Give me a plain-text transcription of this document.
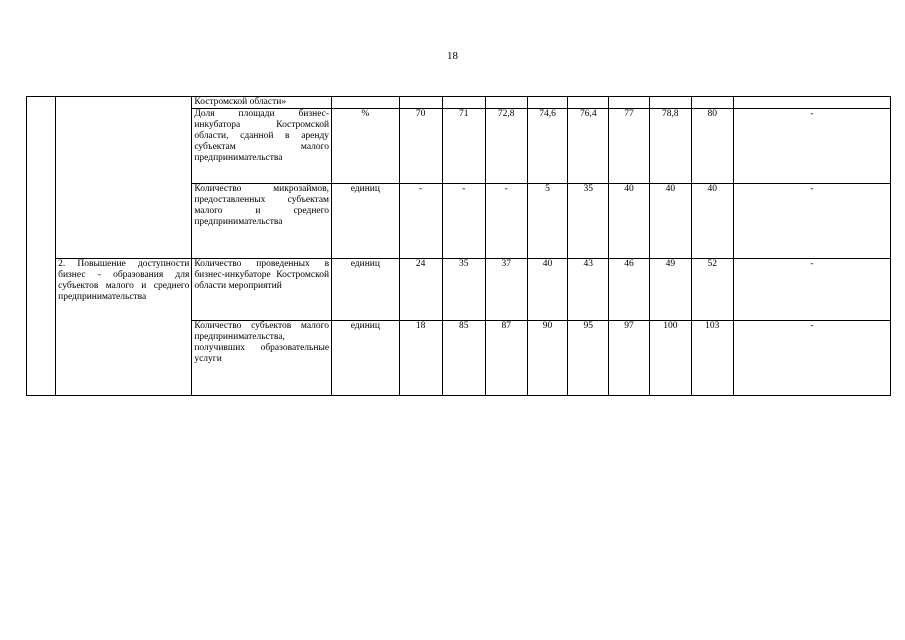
18
		Костромской области»										
		Доля площади бизнес-инкубатора Костромской области, сданной в аренду субъектам малого предпринимательства	%	70	71	72,8	74,6	76,4	77	78,8	80	-
		Количество микрозаймов, предоставленных субъектам малого и среднего предпринимательства	единиц	-	-	-	5	35	40	40	40	-
	2. Повышение доступности бизнес - образования для субъектов малого и среднего предпринимательства	Количество проведенных в бизнес-инкубаторе Костромской области мероприятий	единиц	24	35	37	40	43	46	49	52	-
		Количество субъектов малого предпринимательства, получивших образовательные услуги	единиц	18	85	87	90	95	97	100	103	-
